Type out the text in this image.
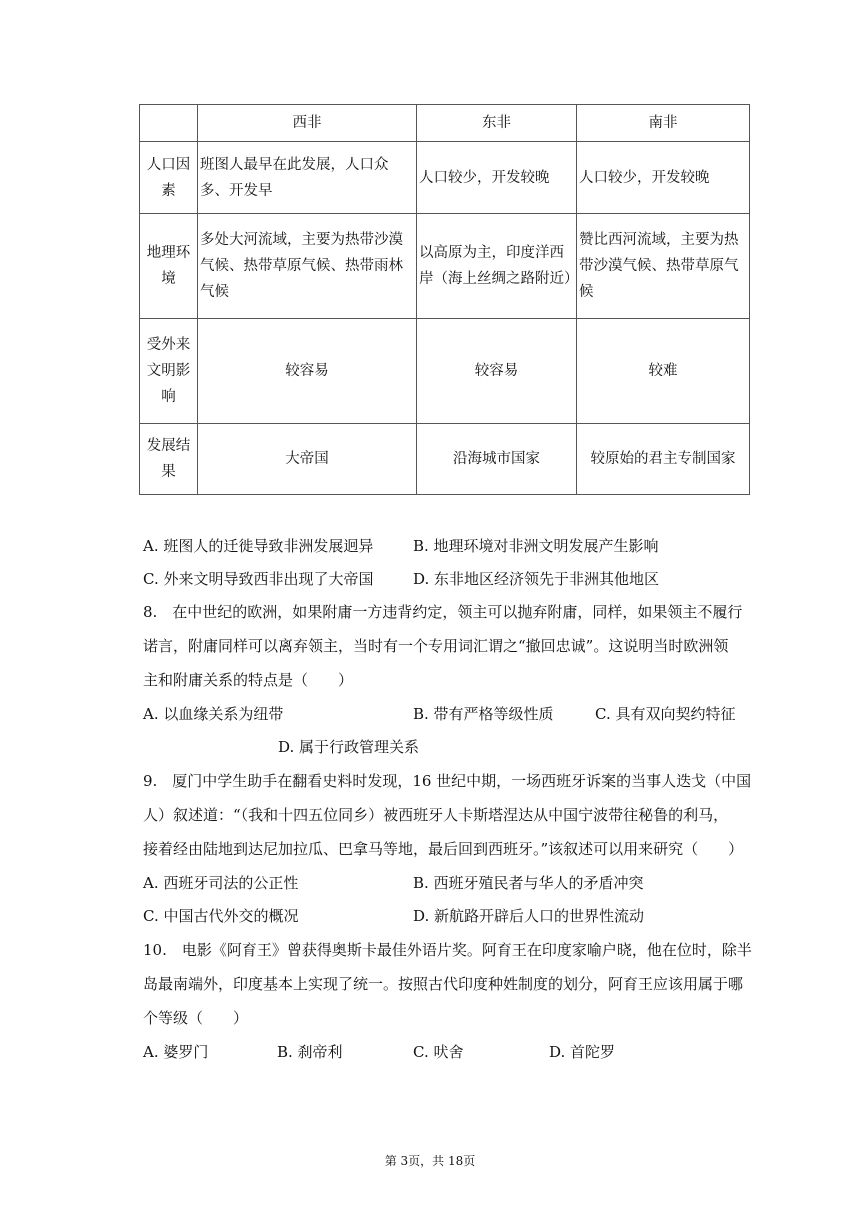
	西非	东非	南非
人口因素	班图人最早在此发展，人口众多、开发早	人口较少，开发较晚	人口较少，开发较晚
地理环境	多处大河流域，主要为热带沙漠气候、热带草原气候、热带雨林气候	以高原为主，印度洋西岸（海上丝绸之路附近）	赞比西河流域，主要为热带沙漠气候、热带草原气候
受外来文明影响	较容易	较容易	较难
发展结果	大帝国	沿海城市国家	较原始的君主专制国家
A. 班图人的迁徙导致非洲发展迥异	B. 地理环境对非洲文明发展产生影响
C. 外来文明导致西非出现了大帝国	D. 东非地区经济领先于非洲其他地区
8.　在中世纪的欧洲，如果附庸一方违背约定，领主可以抛弃附庸，同样，如果领主不履行
诺言，附庸同样可以离弃领主，当时有一个专用词汇谓之“撤回忠诚”。这说明当时欧洲领
主和附庸关系的特点是（　　）
A. 以血缘关系为纽带	B. 带有严格等级性质	C. 具有双向契约特征
D. 属于行政管理关系
9.　厦门中学生助手在翻看史料时发现，16 世纪中期，一场西班牙诉案的当事人迭戈（中国
人）叙述道：“（我和十四五位同乡）被西班牙人卡斯塔涅达从中国宁波带往秘鲁的利马，
接着经由陆地到达尼加拉瓜、巴拿马等地，最后回到西班牙。”该叙述可以用来研究（　　）
A. 西班牙司法的公正性	B. 西班牙殖民者与华人的矛盾冲突
C. 中国古代外交的概况	D. 新航路开辟后人口的世界性流动
10.　电影《阿育王》曾获得奥斯卡最佳外语片奖。阿育王在印度家喻户晓，他在位时，除半
岛最南端外，印度基本上实现了统一。按照古代印度种姓制度的划分，阿育王应该用属于哪
个等级（　　）
A. 婆罗门	B. 刹帝利	C. 吠舍	D. 首陀罗
第 3页，共 18页
